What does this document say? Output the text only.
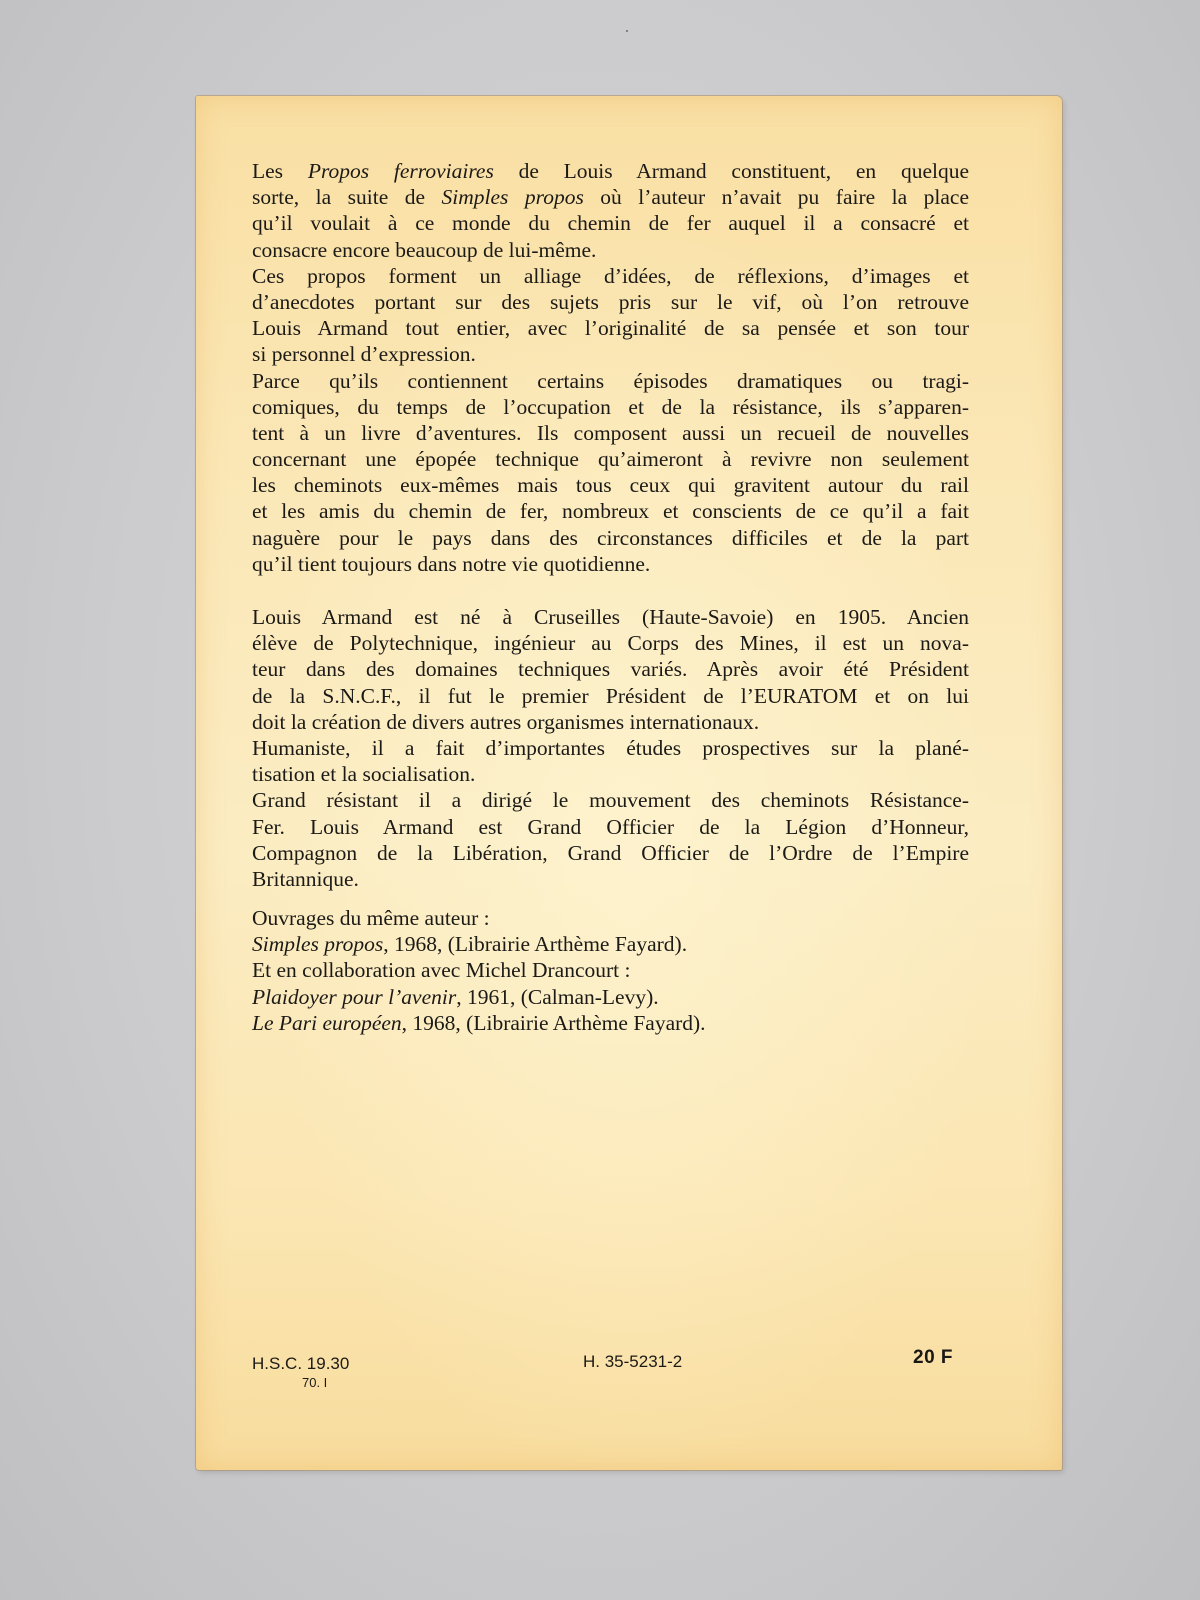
Les Propos ferroviaires de Louis Armand constituent, en quelque
sorte, la suite de Simples propos où l’auteur n’avait pu faire la place
qu’il voulait à ce monde du chemin de fer auquel il a consacré et
consacre encore beaucoup de lui-même.
Ces propos forment un alliage d’idées, de réflexions, d’images et
d’anecdotes portant sur des sujets pris sur le vif, où l’on retrouve
Louis Armand tout entier, avec l’originalité de sa pensée et son tour
si personnel d’expression.
Parce qu’ils contiennent certains épisodes dramatiques ou tragi-
comiques, du temps de l’occupation et de la résistance, ils s’apparen-
tent à un livre d’aventures. Ils composent aussi un recueil de nouvelles
concernant une épopée technique qu’aimeront à revivre non seulement
les cheminots eux-mêmes mais tous ceux qui gravitent autour du rail
et les amis du chemin de fer, nombreux et conscients de ce qu’il a fait
naguère pour le pays dans des circonstances difficiles et de la part
qu’il tient toujours dans notre vie quotidienne.
Louis Armand est né à Cruseilles (Haute-Savoie) en 1905. Ancien
élève de Polytechnique, ingénieur au Corps des Mines, il est un nova-
teur dans des domaines techniques variés. Après avoir été Président
de la S.N.C.F., il fut le premier Président de l’EURATOM et on lui
doit la création de divers autres organismes internationaux.
Humaniste, il a fait d’importantes études prospectives sur la plané-
tisation et la socialisation.
Grand résistant il a dirigé le mouvement des cheminots Résistance-
Fer. Louis Armand est Grand Officier de la Légion d’Honneur,
Compagnon de la Libération, Grand Officier de l’Ordre de l’Empire
Britannique.
Ouvrages du même auteur :
Simples propos, 1968, (Librairie Arthème Fayard).
Et en collaboration avec Michel Drancourt :
Plaidoyer pour l’avenir, 1961, (Calman-Levy).
Le Pari européen, 1968, (Librairie Arthème Fayard).
H.S.C. 19.30
70. I
H. 35-5231-2	20 F
